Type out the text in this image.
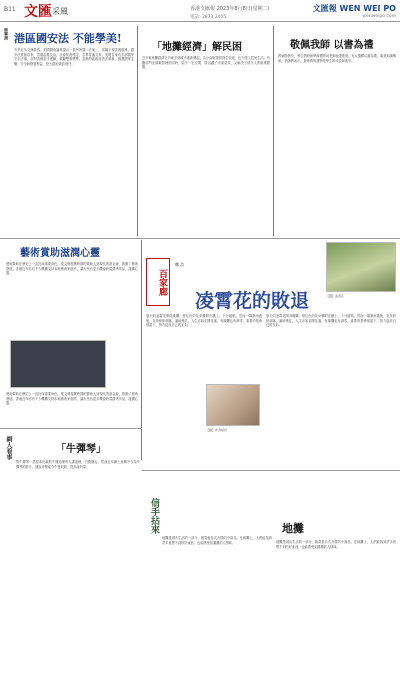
B11 文匯 采風	香港文匯報 2023年8月8日(星期二)	文匯報 WEN WEI PO
電話: 2873 2405	wenweipo.com
翠華洞 港區國安法 不能學美!
中美近年交鋒激烈，美國國會議員提出一系列所謂「法案」，試圖干預香港事務，國安法實施以來，香港由亂及治，社會恢復穩定，各界普遍支持。美國自身有多部國家安全法律，卻對香港指手畫腳，實屬雙重標準。香港特區政府依法辦事，維護國家主權、安全和發展利益，是天經地義的責任。
「地攤經濟」解民困
近年來地攤經濟在內地多個城市重新興起，為小商販提供謀生渠道，也方便了居民生活。有關部門在規範管理的同時，給予一定空間，既活躍了市面氣氛，又解決了部分人的就業問題。
敬佩我師 以書為禮
教師節將至，學生們紛紛準備禮物向老師表達敬意。有人選擇以書為禮，寓意知識傳承。老師們表示，最珍貴的禮物是學生的成長和進步。
藝術賞助滋潤心靈
藝術贊助在歷史上一直扮演重要角色，從文藝復興時期的贊助人到現代的基金會，推動了藝術發展。香港近年亦有不少機構支持本地藝術家創作，讓市民有更多機會欣賞優秀作品，滋潤心靈。
藝術贊助在歷史上一直扮演重要角色，從文藝復興時期的贊助人到現代的基金會，推動了藝術發展。香港近年亦有不少機構支持本地藝術家創作，讓市民有更多機會欣賞優秀作品，滋潤心靈。
百家廊
鄭 浩
凌霄花的敗退	【圖】凌霄花
夏天的凌霄花開得燦爛，橙紅色的花朵攀附在牆上，十分搶眼。然而一場暴雨過後，花朵紛紛凋落，滿地殘紅。人生亦如花開花落，有燦爛也有凋零，重要的是珍惜當下，努力綻放自己的光彩。
夏天的凌霄花開得燦爛，橙紅色的花朵攀附在牆上，十分搶眼。然而一場暴雨過後，花朵紛紛凋落，滿地殘紅。人生亦如花開花落，有燦爛也有凋零，重要的是珍惜當下，努力綻放自己的光彩。
【圖】作者提供
網人看事	「牛彈琴」
對牛彈琴一語原本比喻對不懂道理的人講道理，白費唇舌。然而近年網上流傳不少為牛彈琴的影片，據說音樂能令牛隻放鬆，提高產奶量。
信手拈來	地攤
地攤是城市生活的一部分，販賣著各式各樣的小商品。在地攤上，人們能找到許多意想不到的好東西，也能感受到濃濃的人情味。	地攤是城市生活的一部分，販賣著各式各樣的小商品。在地攤上，人們能找到許多意想不到的好東西，也能感受到濃濃的人情味。
